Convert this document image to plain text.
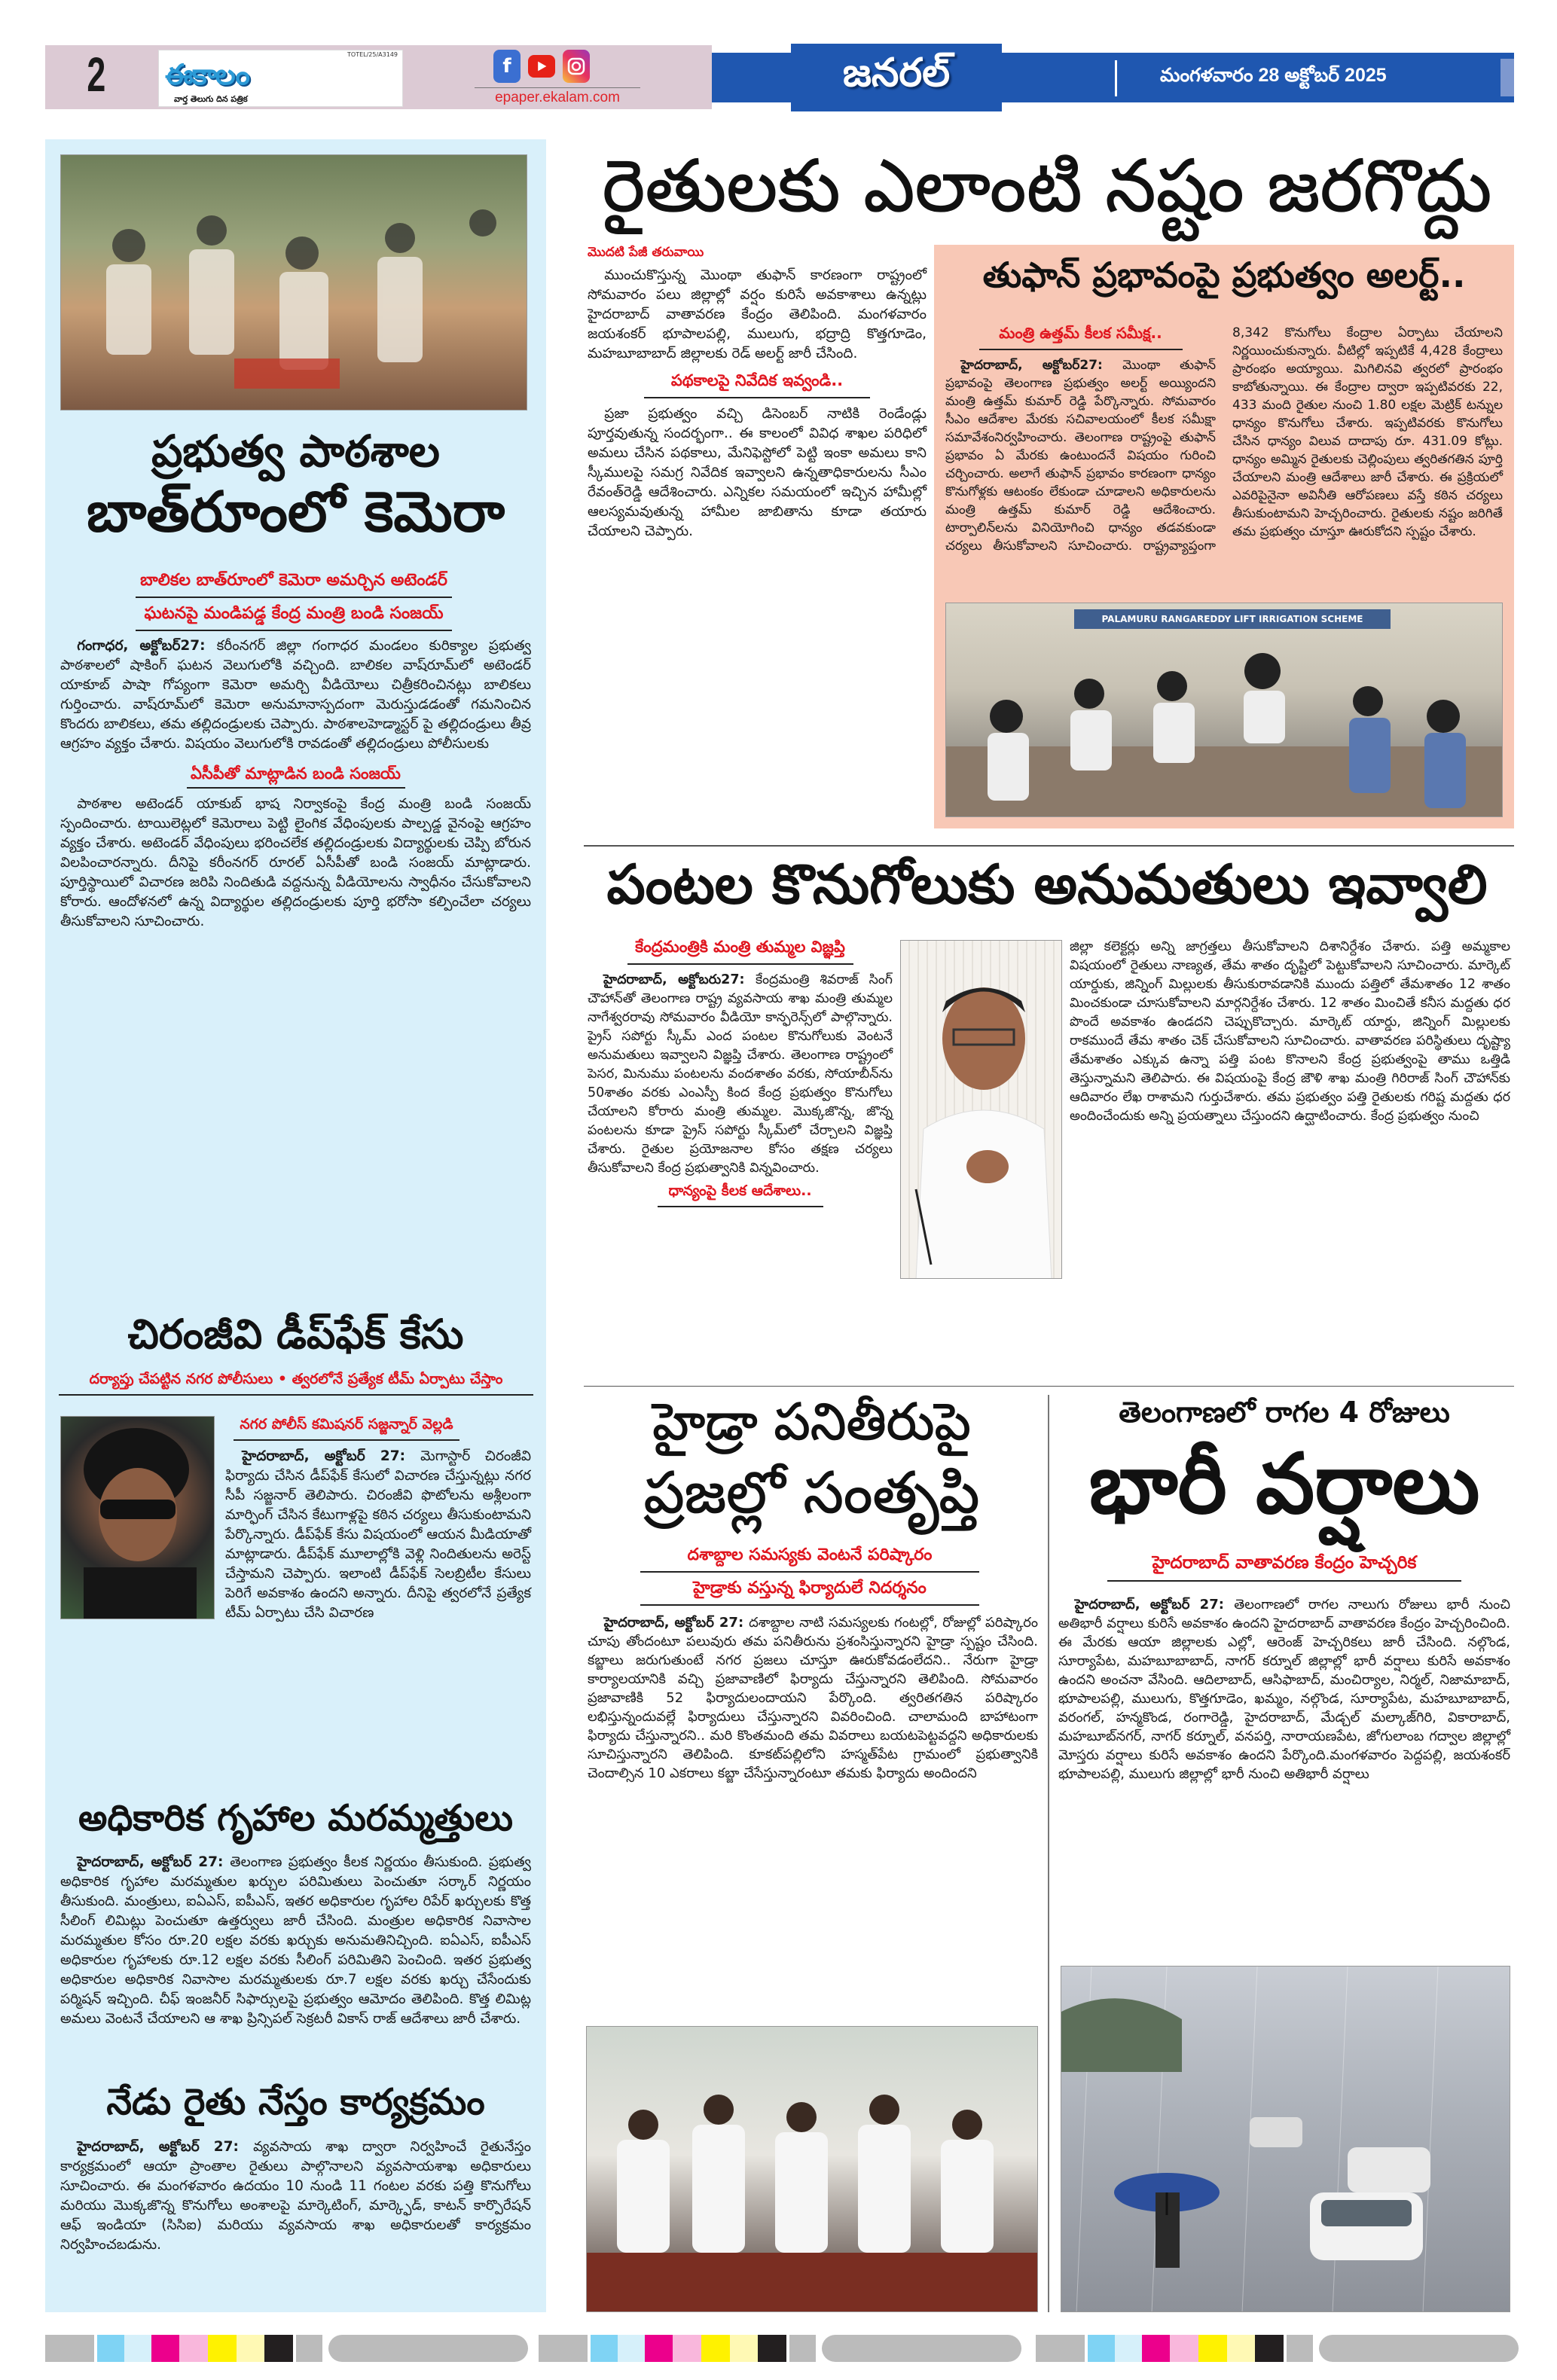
2	TOTEL/25/A3149
ఈకాలం
వార్త తెలుగు దిన పత్రిక
f
epaper.ekalam.com
జనరల్	మంగళవారం 28 అక్టోబర్ 2025
ప్రభుత్వ పాఠశాల
బాత్‌రూంలో కెమెరా
బాలికల బాత్‌రూంలో కెమెరా అమర్చిన అటెండర్
ఘటనపై మండిపడ్డ కేంద్ర మంత్రి బండి సంజయ్

గంగాధర, అక్టోబర్27: కరీంనగర్ జిల్లా గంగాధర మండలం కురిక్యాల ప్రభుత్వ పాఠశాలలో షాకింగ్ ఘటన వెలుగులోకి వచ్చింది. బాలికల వాష్‌రూమ్‌లో అటెండర్ యాకూబ్ పాషా గోప్యంగా కెమెరా అమర్చి వీడియోలు చిత్రీకరించినట్లు బాలికలు గుర్తించారు. వాష్‌రూమ్‌లో కెమెరా అనుమానాస్పదంగా మెరుస్తుడడంతో గమనించిన కొందరు బాలికలు, తమ తల్లిదండ్రులకు చెప్పారు. పాఠశాలహెడ్మాస్టర్ పై తల్లిదండ్రులు తీవ్ర ఆగ్రహం వ్యక్తం చేశారు. విషయం వెలుగులోకి రావడంతో తల్లిదండ్రులు పోలీసులకు

ఏసీపీతో మాట్లాడిన బండి సంజయ్

పాఠశాల అటెండర్ యాకుబ్ భాష నిర్వాకంపై కేంద్ర మంత్రి బండి సంజయ్ స్పందించారు. టాయిలెట్లలో కెమెరాలు పెట్టి లైంగిక వేధింపులకు పాల్పడ్డ వైనంపై ఆగ్రహం వ్యక్తం చేశారు. అటెండర్ వేధింపులు భరించలేక తల్లిదండ్రులకు విద్యార్థులకు చెప్పి బోరున విలపించారన్నారు. దీనిపై కరీంనగర్ రూరల్ ఏసీపీతో బండి సంజయ్ మాట్లాడారు. పూర్తిస్థాయిలో విచారణ జరిపి నిందితుడి వద్దనున్న వీడియోలను స్వాధీనం చేసుకోవాలని కోరారు. ఆందోళనలో ఉన్న విద్యార్థుల తల్లిదండ్రులకు పూర్తి భరోసా కల్పించేలా చర్యలు తీసుకోవాలని సూచించారు.

చిరంజీవి డీప్‌ఫేక్ కేసు
దర్యాప్తు చేపట్టిన నగర పోలీసులు • త్వరలోనే ప్రత్యేక టీమ్ ఏర్పాటు చేస్తాం
నగర పోలీస్ కమిషనర్ సజ్జన్నార్ వెల్లడి

హైదరాబాద్, అక్టోబర్ 27: మెగాస్టార్ చిరంజీవి ఫిర్యాదు చేసిన డీప్‌ఫేక్ కేసులో విచారణ చేస్తున్నట్లు నగర సీపీ సజ్జనార్ తెలిపారు. చిరంజీవి ఫొటోలను అశ్లీలంగా మార్ఫింగ్ చేసిన కేటుగాళ్లపై కఠిన చర్యలు తీసుకుంటామని పేర్కొన్నారు. డీప్‌ఫేక్ కేసు విషయంలో ఆయన మీడియాతో మాట్లాడారు. డీప్‌ఫేక్ మూలాల్లోకి వెళ్లి నిందితులను అరెస్ట్ చేస్తామని చెప్పారు. ఇలాంటి డీప్‌ఫేక్ సెలబ్రిటీల కేసులు పెరిగే అవకాశం ఉందని అన్నారు. దీనిపై త్వరలోనే ప్రత్యేక టీమ్ ఏర్పాటు చేసి విచారణ

అధికారిక గృహాల మరమ్మత్తులు

హైదరాబాద్, అక్టోబర్ 27: తెలంగాణ ప్రభుత్వం కీలక నిర్ణయం తీసుకుంది. ప్రభుత్వ అధికారిక గృహాల మరమ్మతుల ఖర్చుల పరిమితులు పెంచుతూ సర్కార్ నిర్ణయం తీసుకుంది. మంత్రులు, ఐఏఎస్, ఐపీఎస్, ఇతర అధికారుల గృహాల రిపేర్ ఖర్చులకు కొత్త సీలింగ్ లిమిట్లు పెంచుతూ ఉత్తర్వులు జారీ చేసింది. మంత్రుల అధికారిక నివాసాల మరమ్మతుల కోసం రూ.20 లక్షల వరకు ఖర్చుకు అనుమతినిచ్చింది. ఐఏఎస్, ఐపీఎస్ అధికారుల గృహాలకు రూ.12 లక్షల వరకు సీలింగ్ పరిమితిని పెంచింది. ఇతర ప్రభుత్వ అధికారుల అధికారిక నివాసాల మరమ్మతులకు రూ.7 లక్షల వరకు ఖర్చు చేసేందుకు పర్మిషన్ ఇచ్చింది. చీఫ్ ఇంజనీర్ సిఫార్సులపై ప్రభుత్వం ఆమోదం తెలిపింది. కొత్త లిమిట్ల అమలు వెంటనే చేయాలని ఆ శాఖ ప్రిన్సిపల్ సెక్రటరీ వికాస్ రాజ్ ఆదేశాలు జారీ చేశారు.

నేడు రైతు నేస్తం కార్యక్రమం

హైదరాబాద్, అక్టోబర్ 27: వ్యవసాయ శాఖ ద్వారా నిర్వహించే రైతునేస్తం కార్యక్రమంలో ఆయా ప్రాంతాల రైతులు పాల్గొనాలని వ్యవసాయశాఖ అధికారులు సూచించారు. ఈ మంగళవారం ఉదయం 10 నుండి 11 గంటల వరకు పత్తి కొనుగోలు మరియు మొక్కజొన్న కొనుగోలు అంశాలపై మార్కెటింగ్, మార్క్ఫెడ్, కాటన్ కార్పొరేషన్ ఆఫ్ ఇండియా (సిసిఐ) మరియు వ్యవసాయ శాఖ అధికారులతో కార్యక్రమం నిర్వహించబడును.

రైతులకు ఎలాంటి నష్టం జరగొద్దు
మొదటి పేజీ తరువాయి

ముంచుకొస్తున్న మొంథా తుఫాన్ కారణంగా రాష్ట్రంలో సోమవారం పలు జిల్లాల్లో వర్షం కురిసే అవకాశాలు ఉన్నట్లు హైదరాబాద్ వాతావరణ కేంద్రం తెలిపింది. మంగళవారం జయశంకర్ భూపాలపల్లి, ములుగు, భద్రాద్రి కొత్తగూడెం, మహబూబాబాద్ జిల్లాలకు రెడ్ అలర్ట్ జారీ చేసింది.

పథకాలపై నివేదిక ఇవ్వండి..

ప్రజా ప్రభుత్వం వచ్చి డిసెంబర్ నాటికి రెండేండ్లు పూర్తవుతున్న సందర్భంగా.. ఈ కాలంలో వివిధ శాఖల పరిధిలో అమలు చేసిన పథకాలు, మేనిఫెస్టోలో పెట్టి ఇంకా అమలు కాని స్కీములపై సమగ్ర నివేదిక ఇవ్వాలని ఉన్నతాధికారులను సీఎం రేవంత్‌రెడ్డి ఆదేశించారు. ఎన్నికల సమయంలో ఇచ్చిన హామీల్లో ఆలస్యమవుతున్న హామీల జాబితాను కూడా తయారు చేయాలని చెప్పారు.

తుఫాన్ ప్రభావంపై ప్రభుత్వం అలర్ట్..
మంత్రి ఉత్తమ్ కీలక సమీక్ష..

హైదరాబాద్, అక్టోబర్27: మొంథా తుఫాన్ ప్రభావంపై తెలంగాణ ప్రభుత్వం అలర్ట్ అయ్యిందని మంత్రి ఉత్తమ్ కుమార్ రెడ్డి పేర్కొన్నారు. సోమవారం సీఎం ఆదేశాల మేరకు సచివాలయంలో కీలక సమీక్షా సమావేశంనిర్వహించారు. తెలంగాణ రాష్ట్రంపై తుఫాన్ ప్రభావం ఏ మేరకు ఉంటుందనే విషయం గురించి చర్చించారు. అలాగే తుఫాన్ ప్రభావం కారణంగా ధాన్యం కొనుగోళ్లకు ఆటంకం లేకుండా చూడాలని అధికారులను మంత్రి ఉత్తమ్ కుమార్ రెడ్డి ఆదేశించారు. టార్పాలిన్‌లను వినియోగించి ధాన్యం తడవకుండా చర్యలు తీసుకోవాలని సూచించారు. రాష్ట్రవ్యాప్తంగా 8,342 కొనుగోలు కేంద్రాల ఏర్పాటు చేయాలని నిర్ణయించుకున్నారు. వీటిల్లో ఇప్పటికే 4,428 కేంద్రాలు ప్రారంభం అయ్యాయి. మిగిలినవి త్వరలో ప్రారంభం కాబోతున్నాయి. ఈ కేంద్రాల ద్వారా ఇప్పటివరకు 22, 433 మంది రైతుల నుంచి 1.80 లక్షల మెట్రిక్ టన్నుల ధాన్యం కొనుగోలు చేశారు. ఇప్పటివరకు కొనుగోలు చేసిన ధాన్యం విలువ దాదాపు రూ. 431.09 కోట్లు. ధాన్యం అమ్మిన రైతులకు చెల్లింపులు త్వరితగతిన పూర్తి చేయాలని మంత్రి ఆదేశాలు జారీ చేశారు. ఈ ప్రక్రియలో ఎవరిపైనైనా అవినీతి ఆరోపణలు వస్తే కఠిన చర్యలు తీసుకుంటామని హెచ్చరించారు. రైతులకు నష్టం జరిగితే తమ ప్రభుత్వం చూస్తూ ఊరుకోదని స్పష్టం చేశారు.

PALAMURU RANGAREDDY LIFT IRRIGATION SCHEME
పంటల కొనుగోలుకు అనుమతులు ఇవ్వాలి
కేంద్రమంత్రికి మంత్రి తుమ్మల విజ్ఞప్తి

హైదరాబాద్, అక్టోబరు27: కేంద్రమంత్రి శివరాజ్ సింగ్ చౌహాన్‌తో తెలంగాణ రాష్ట్ర వ్యవసాయ శాఖ మంత్రి తుమ్మల నాగేశ్వరరావు సోమవారం వీడియో కాన్ఫరెన్స్‌లో పాల్గొన్నారు. ప్రైస్ సపోర్టు స్కీమ్ ఎంద పంటల కొనుగోలుకు వెంటనే అనుమతులు ఇవ్వాలని విజ్ఞప్తి చేశారు. తెలంగాణ రాష్ట్రంలో పెసర, మినుము పంటలను వందశాతం వరకు, సోయాబీన్‌ను 50శాతం వరకు ఎంఎస్పీ కింద కేంద్ర ప్రభుత్వం కొనుగోలు చేయాలని కోరారు మంత్రి తుమ్మల. మొక్కజొన్న, జొన్న పంటలను కూడా ప్రైస్ సపోర్టు స్కీమ్‌లో చేర్చాలని విజ్ఞప్తి చేశారు. రైతుల ప్రయోజనాల కోసం తక్షణ చర్యలు తీసుకోవాలని కేంద్ర ప్రభుత్వానికి విన్నవించారు.

ధాన్యంపై కీలక ఆదేశాలు..

జిల్లా కలెక్టర్లు అన్ని జాగ్రత్తలు తీసుకోవాలని దిశానిర్దేశం చేశారు. పత్తి అమ్మకాల విషయంలో రైతులు నాణ్యత, తేమ శాతం దృష్టిలో పెట్టుకోవాలని సూచించారు. మార్కెట్ యార్డుకు, జిన్నింగ్ మిల్లులకు తీసుకురావడానికి ముందు పత్తిలో తేమశాతం 12 శాతం మించకుండా చూసుకోవాలని మార్గనిర్దేశం చేశారు. 12 శాతం మించితే కనీస మద్దతు ధర పొందే అవకాశం ఉండదని చెప్పుకొచ్చారు. మార్కెట్ యార్డు, జిన్నింగ్ మిల్లులకు రాకముందే తేమ శాతం చెక్ చేసుకోవాలని సూచించారు. వాతావరణ పరిస్థితులు దృష్ట్యా తేమశాతం ఎక్కువ ఉన్నా పత్తి పంట కొనాలని కేంద్ర ప్రభుత్వంపై తాము ఒత్తిడి తెస్తున్నామని తెలిపారు. ఈ విషయంపై కేంద్ర జౌళి శాఖ మంత్రి గిరిరాజ్ సింగ్ చౌహాన్‌కు ఆదివారం లేఖ రాశామని గుర్తుచేశారు. తమ ప్రభుత్వం పత్తి రైతులకు గరిష్ట మద్దతు ధర అందించేందుకు అన్ని ప్రయత్నాలు చేస్తుందని ఉద్ఘాటించారు. కేంద్ర ప్రభుత్వం నుంచి

హైడ్రా పనితీరుపై
ప్రజల్లో సంతృప్తి
దశాబ్దాల సమస్యకు వెంటనే పరిష్కారం
హైడ్రాకు వస్తున్న ఫిర్యాదులే నిదర్శనం

హైదరాబాద్, అక్టోబర్ 27: దశాబ్దాల నాటి సమస్యలకు గంటల్లో, రోజుల్లో పరిష్కారం చూపు తోందంటూ పలువురు తమ పనితీరును ప్రశంసిస్తున్నారని హైడ్రా స్పష్టం చేసింది. కబ్జాలు జరుగుతుంటే నగర ప్రజలు చూస్తూ ఊరుకోవడంలేదని.. నేరుగా హైడ్రా కార్యాలయానికి వచ్చి ప్రజావాణిలో ఫిర్యాదు చేస్తున్నారని తెలిపింది. సోమవారం ప్రజావాణికి 52 ఫిర్యాదులందాయని పేర్కొంది. త్వరితగతిన పరిష్కారం లభిస్తున్నందువల్లే ఫిర్యాదులు చేస్తున్నారని వివరించింది. చాలామంది బాహాటంగా ఫిర్యాదు చేస్తున్నారని.. మరి కొంతమంది తమ వివరాలు బయటపెట్టవద్దని అధికారులకు సూచిస్తున్నారని తెలిపింది. కూకట్‌పల్లిలోని హస్మత్‌పేట గ్రామంలో ప్రభుత్వానికి చెందాల్సిన 10 ఎకరాలు కబ్జా చేసేస్తున్నారంటూ తమకు ఫిర్యాదు అందిందని

తెలంగాణలో రాగల 4 రోజులు
భారీ వర్షాలు
హైదరాబాద్ వాతావరణ కేంద్రం హెచ్చరిక

హైదరాబాద్, అక్టోబర్ 27: తెలంగాణలో రాగల నాలుగు రోజులు భారీ నుంచి అతిభారీ వర్షాలు కురిసే అవకాశం ఉందని హైదరాబాద్ వాతావరణ కేంద్రం హెచ్చరించింది. ఈ మేరకు ఆయా జిల్లాలకు ఎల్లో, ఆరెంజ్ హెచ్చరికలు జారీ చేసింది. నల్గొండ, సూర్యాపేట, మహబూబాబాద్, నాగర్ కర్నూల్ జిల్లాల్లో భారీ వర్షాలు కురిసే అవకాశం ఉందని అంచనా వేసింది. ఆదిలాబాద్, ఆసిఫాబాద్, మంచిర్యాల, నిర్మల్, నిజామాబాద్, భూపాలపల్లి, ములుగు, కొత్తగూడెం, ఖమ్మం, నల్గొండ, సూర్యాపేట, మహబూబాబాద్, వరంగల్, హన్మకొండ, రంగారెడ్డి, హైదరాబాద్, మేడ్చల్ మల్కాజ్‌గిరి, వికారాబాద్, మహబూబ్‌నగర్, నాగర్ కర్నూల్, వనపర్తి, నారాయణపేట, జోగులాంబ గద్వాల జిల్లాల్లో మోస్తరు వర్షాలు కురిసే అవకాశం ఉందని పేర్కొంది.మంగళవారం పెద్దపల్లి, జయశంకర్ భూపాలపల్లి, ములుగు జిల్లాల్లో భారీ నుంచి అతిభారీ వర్షాలు
